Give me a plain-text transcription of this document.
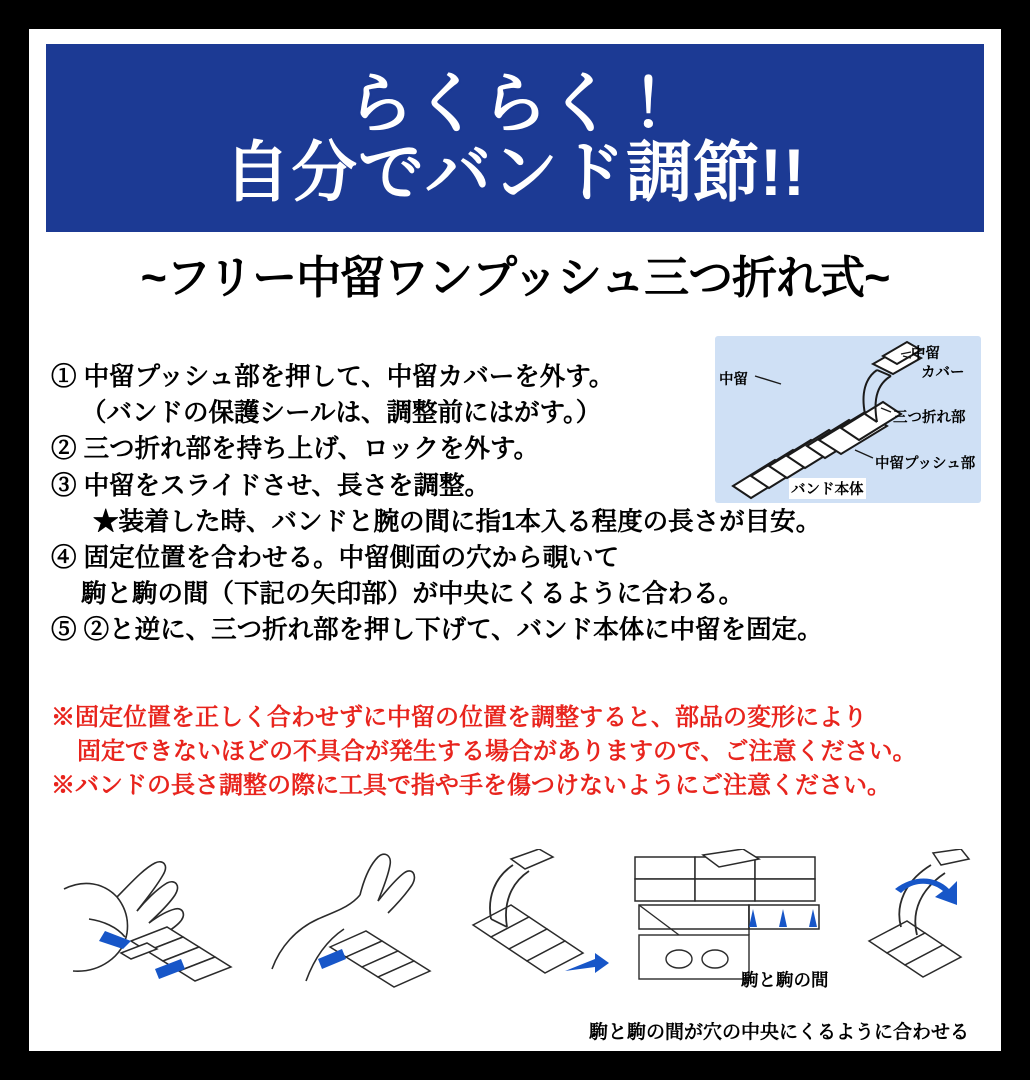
らくらく！
自分でバンド調節!!
~フリー中留ワンプッシュ三つ折れ式~
① 中留プッシュ部を押して、中留カバーを外す。
（バンドの保護シールは、調整前にはがす。）
② 三つ折れ部を持ち上げ、ロックを外す。
③ 中留をスライドさせ、長さを調整。
★装着した時、バンドと腕の間に指1本入る程度の長さが目安。
④ 固定位置を合わせる。中留側面の穴から覗いて
駒と駒の間（下記の矢印部）が中央にくるように合わる。
⑤ ②と逆に、三つ折れ部を押し下げて、バンド本体に中留を固定。
※固定位置を正しく合わせずに中留の位置を調整すると、部品の変形により
固定できないほどの不具合が発生する場合がありますので、ご注意ください。
※バンドの長さ調整の際に工具で指や手を傷つけないようにご注意ください。
中留
中留
カバー
三つ折れ部
中留プッシュ部
バンド本体
駒と駒の間
駒と駒の間が穴の中央にくるように合わせる
